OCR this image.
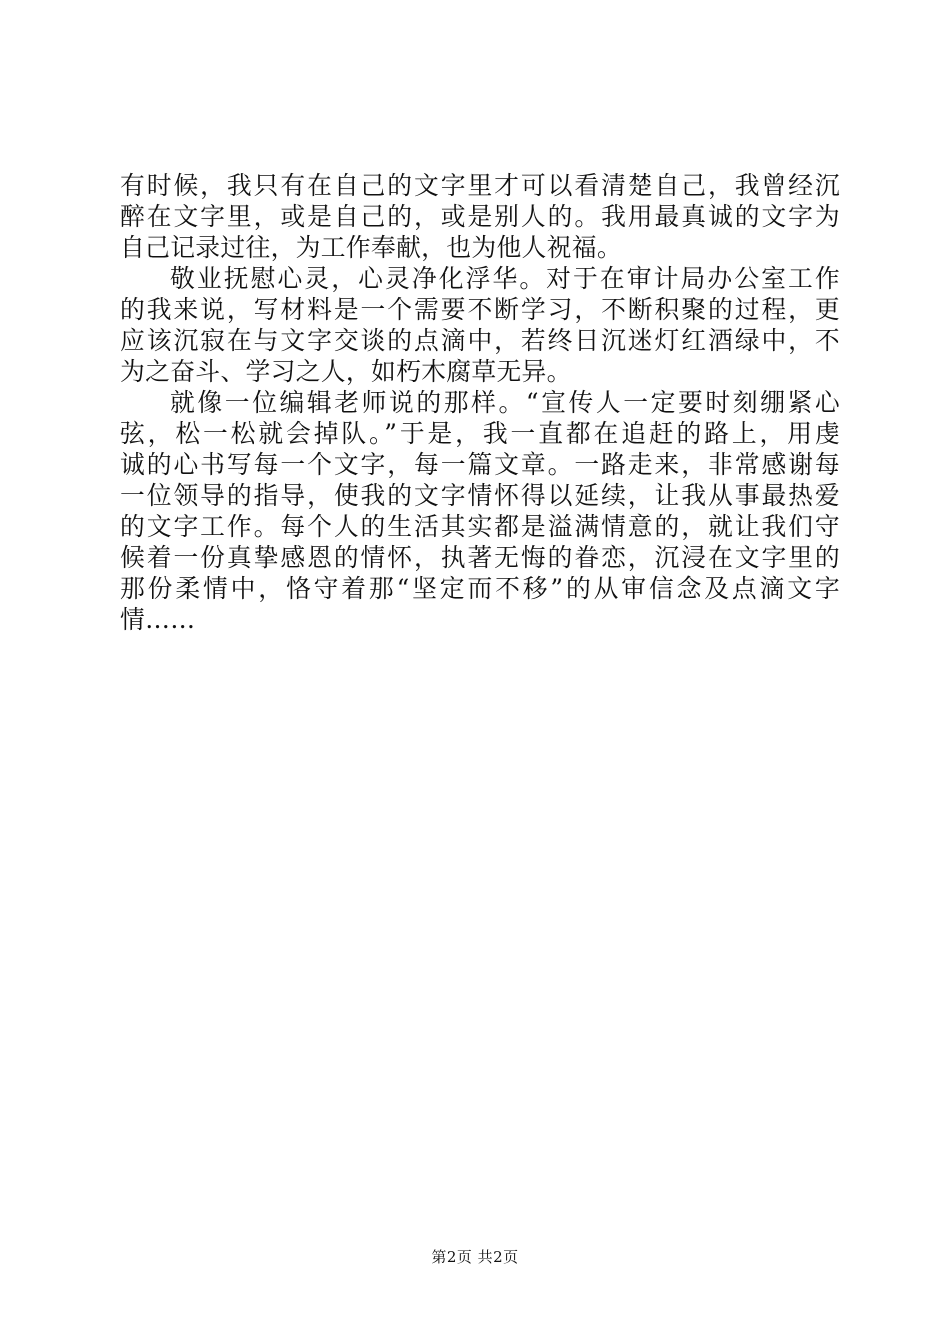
有时候，我只有在自己的文字里才可以看清楚自己，我曾经沉
醉在文字里，或是自己的，或是别人的。我用最真诚的文字为
自己记录过往，为工作奉献，也为他人祝福。

敬业抚慰心灵，心灵净化浮华。对于在审计局办公室工作
的我来说，写材料是一个需要不断学习，不断积聚的过程，更
应该沉寂在与文字交谈的点滴中，若终日沉迷灯红酒绿中，不
为之奋斗、学习之人，如朽木腐草无异。

就像一位编辑老师说的那样。“宣传人一定要时刻绷紧心
弦，松一松就会掉队。”于是，我一直都在追赶的路上，用虔
诚的心书写每一个文字，每一篇文章。一路走来，非常感谢每
一位领导的指导，使我的文字情怀得以延续，让我从事最热爱
的文字工作。每个人的生活其实都是溢满情意的，就让我们守
候着一份真挚感恩的情怀，执著无悔的眷恋，沉浸在文字里的
那份柔情中，恪守着那“坚定而不移”的从审信念及点滴文字
情……

第2页 共2页
